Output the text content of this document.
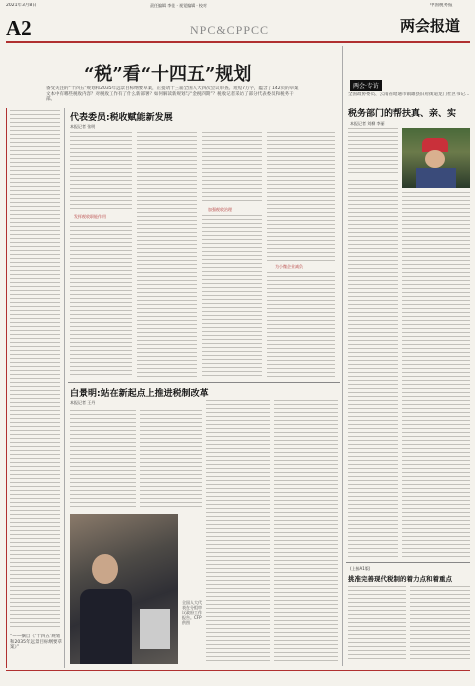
2021年3月8日	责任编辑 李佳 · 视觉编辑 · 校对	中国税务报
A2	NPC&CPPCC	两会报道
“税”看“十四五”规划
备受关注的“十四五”规划和2035年远景目标纲要草案，正提请十三届全国人大四次会议审查。短短7万字，蕴含了142页的草案文本中有哪些税收内容？对税收工作有了什么新部署？如何解读新规划与“金税四期”？税收记者采访了部分代表委员和税务干部。
“——摘自《‘十四五’规划和2035年远景目标纲要草案》”
代表委员:税收赋能新发展
本报记者 张明
发挥税收职能作用
加强税收治理
为小微企业减负
白景明:站在新起点上推进税制改革
本报记者 王丹
全国人大代表在分组审议政府工作报告。CFP供图
两会·专访
全国政协委员、云南省昭通市镇雄县旧府街道龙门社区书记…
税务部门的帮扶真、亲、实
本报记者 刘柳 李丽
(上接A1版)
挑准完善现代税制的着力点和着重点
